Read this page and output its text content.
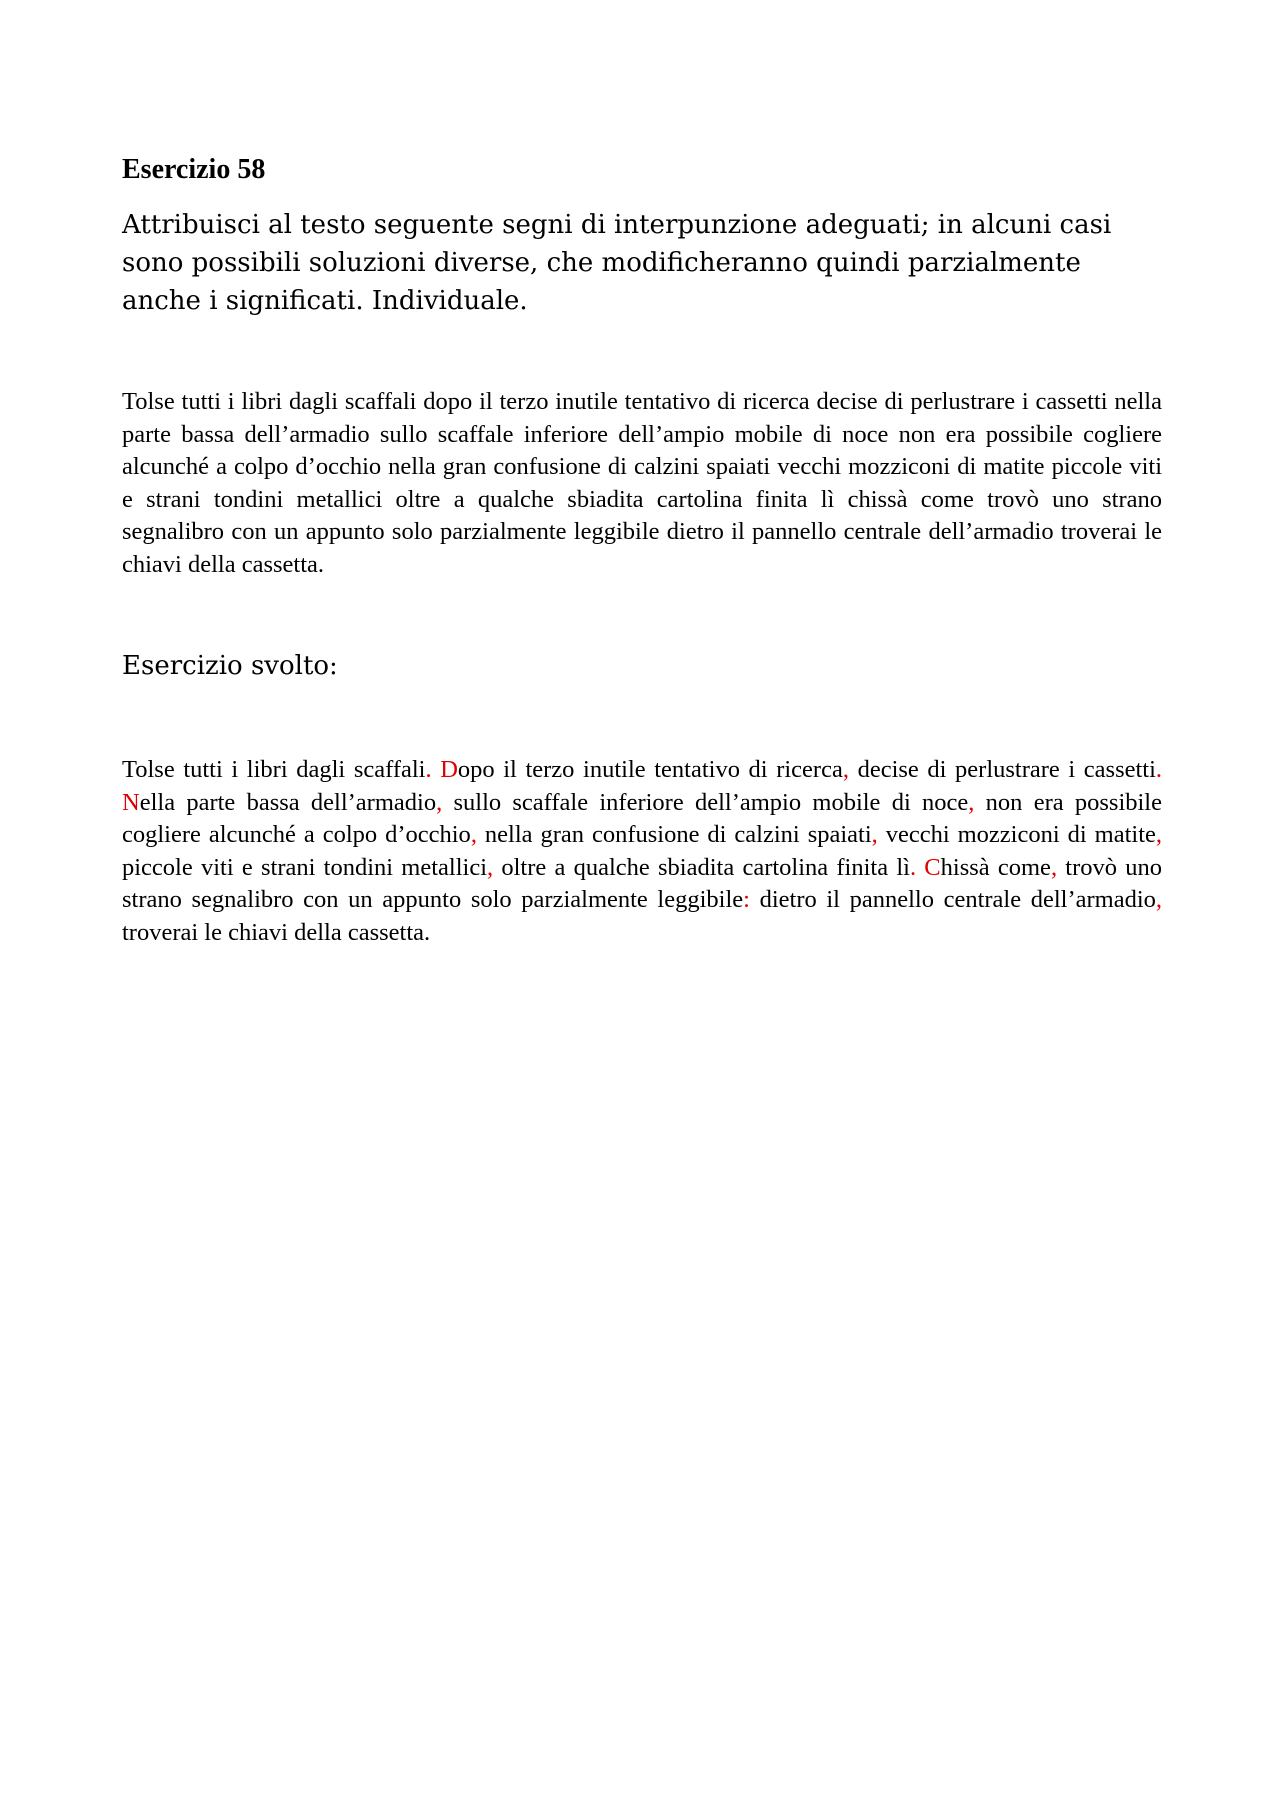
Esercizio 58

Attribuisci al testo seguente segni di interpunzione adeguati; in alcuni casi sono possibili soluzioni diverse, che modificheranno quindi parzialmente anche i significati. Individuale.

Tolse tutti i libri dagli scaffali dopo il terzo inutile tentativo di ricerca decise di perlustrare i cassetti nella parte bassa dell’armadio sullo scaffale inferiore dell’ampio mobile di noce non era possibile cogliere alcunché a colpo d’occhio nella gran confusione di calzini spaiati vecchi mozziconi di matite piccole viti e strani tondini metallici oltre a qualche sbiadita cartolina finita lì chissà come trovò uno strano segnalibro con un appunto solo parzialmente leggibile dietro il pannello centrale dell’armadio troverai le chiavi della cassetta.

Esercizio svolto:

Tolse tutti i libri dagli scaffali. Dopo il terzo inutile tentativo di ricerca, decise di perlustrare i cassetti. Nella parte bassa dell’armadio, sullo scaffale inferiore dell’ampio mobile di noce, non era possibile cogliere alcunché a colpo d’occhio, nella gran confusione di calzini spaiati, vecchi mozziconi di matite, piccole viti e strani tondini metallici, oltre a qualche sbiadita cartolina finita lì. Chissà come, trovò uno strano segnalibro con un appunto solo parzialmente leggibile: dietro il pannello centrale dell’armadio, troverai le chiavi della cassetta.
